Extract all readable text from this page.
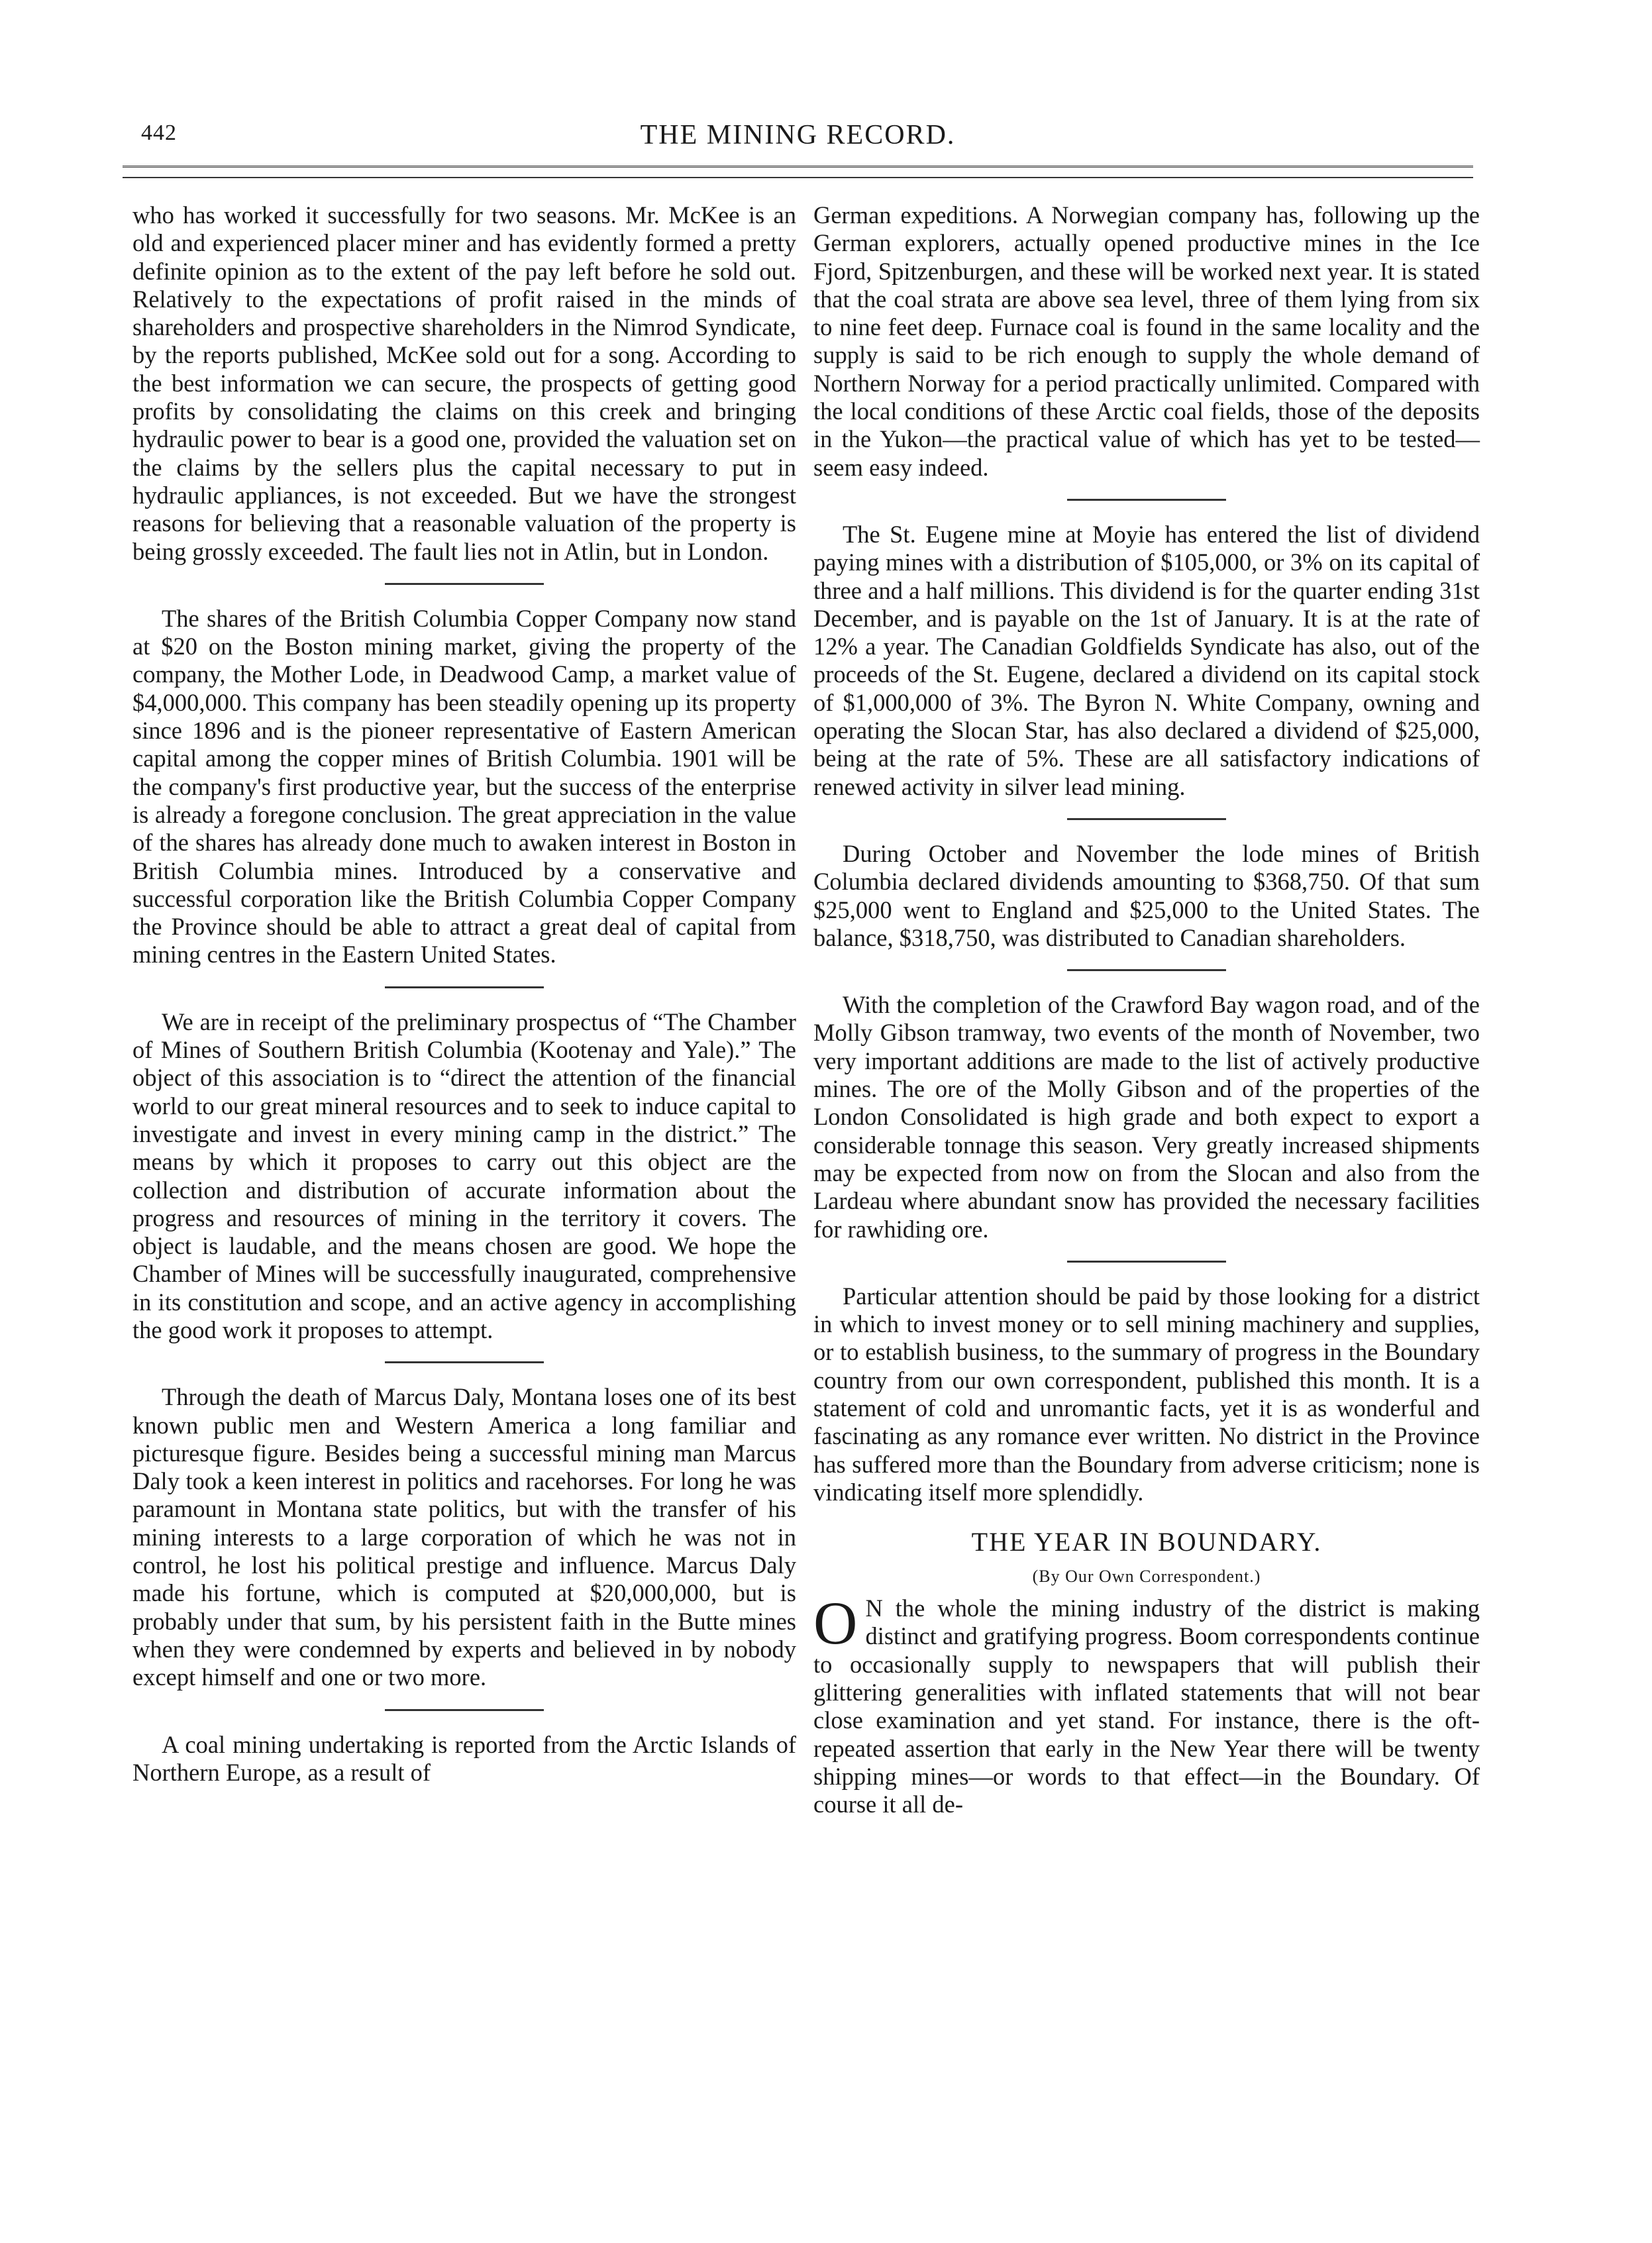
442	THE MINING RECORD.

who has worked it successfully for two seasons. Mr. McKee is an old and experienced placer miner and has evidently formed a pretty definite opinion as to the extent of the pay left before he sold out. Relatively to the expectations of profit raised in the minds of shareholders and prospective shareholders in the Nimrod Syndicate, by the reports published, McKee sold out for a song. According to the best information we can secure, the prospects of getting good profits by consolidating the claims on this creek and bringing hydraulic power to bear is a good one, provided the valuation set on the claims by the sellers plus the capital necessary to put in hydraulic appliances, is not exceeded. But we have the strongest reasons for believing that a reasonable valuation of the property is being grossly exceeded. The fault lies not in Atlin, but in London.

The shares of the British Columbia Copper Company now stand at $20 on the Boston mining market, giving the property of the company, the Mother Lode, in Deadwood Camp, a market value of $4,000,000. This company has been steadily opening up its property since 1896 and is the pioneer representative of Eastern American capital among the copper mines of British Columbia. 1901 will be the company's first productive year, but the success of the enterprise is already a foregone conclusion. The great appreciation in the value of the shares has already done much to awaken interest in Boston in British Columbia mines. Introduced by a conservative and successful corporation like the British Columbia Copper Company the Province should be able to attract a great deal of capital from mining centres in the Eastern United States.

We are in receipt of the preliminary prospectus of “The Chamber of Mines of Southern British Columbia (Kootenay and Yale).” The object of this association is to “direct the attention of the financial world to our great mineral resources and to seek to induce capital to investigate and invest in every mining camp in the district.” The means by which it proposes to carry out this object are the collection and distribution of accurate information about the progress and resources of mining in the territory it covers. The object is laudable, and the means chosen are good. We hope the Chamber of Mines will be successfully inaugurated, comprehensive in its constitution and scope, and an active agency in accomplishing the good work it proposes to attempt.

Through the death of Marcus Daly, Montana loses one of its best known public men and Western America a long familiar and picturesque figure. Besides being a successful mining man Marcus Daly took a keen interest in politics and racehorses. For long he was paramount in Montana state politics, but with the transfer of his mining interests to a large corporation of which he was not in control, he lost his political prestige and influence. Marcus Daly made his fortune, which is computed at $20,000,000, but is probably under that sum, by his persistent faith in the Butte mines when they were condemned by experts and believed in by nobody except himself and one or two more.

A coal mining undertaking is reported from the Arctic Islands of Northern Europe, as a result of

German expeditions. A Norwegian company has, following up the German explorers, actually opened productive mines in the Ice Fjord, Spitzenburgen, and these will be worked next year. It is stated that the coal strata are above sea level, three of them lying from six to nine feet deep. Furnace coal is found in the same locality and the supply is said to be rich enough to supply the whole demand of Northern Norway for a period practically unlimited. Compared with the local conditions of these Arctic coal fields, those of the deposits in the Yukon—the practical value of which has yet to be tested—seem easy indeed.

The St. Eugene mine at Moyie has entered the list of dividend paying mines with a distribution of $105,000, or 3% on its capital of three and a half millions. This dividend is for the quarter ending 31st December, and is payable on the 1st of January. It is at the rate of 12% a year. The Canadian Goldfields Syndicate has also, out of the proceeds of the St. Eugene, declared a dividend on its capital stock of $1,000,000 of 3%. The Byron N. White Company, owning and operating the Slocan Star, has also declared a dividend of $25,000, being at the rate of 5%. These are all satisfactory indications of renewed activity in silver lead mining.

During October and November the lode mines of British Columbia declared dividends amounting to $368,750. Of that sum $25,000 went to England and $25,000 to the United States. The balance, $318,750, was distributed to Canadian shareholders.

With the completion of the Crawford Bay wagon road, and of the Molly Gibson tramway, two events of the month of November, two very important additions are made to the list of actively productive mines. The ore of the Molly Gibson and of the properties of the London Consolidated is high grade and both expect to export a considerable tonnage this season. Very greatly increased shipments may be expected from now on from the Slocan and also from the Lardeau where abundant snow has provided the necessary facilities for rawhiding ore.

Particular attention should be paid by those looking for a district in which to invest money or to sell mining machinery and supplies, or to establish business, to the summary of progress in the Boundary country from our own correspondent, published this month. It is a statement of cold and unromantic facts, yet it is as wonderful and fascinating as any romance ever written. No district in the Province has suffered more than the Boundary from adverse criticism; none is vindicating itself more splendidly.

THE YEAR IN BOUNDARY.
(By Our Own Correspondent.)

O N the whole the mining industry of the district is making distinct and gratifying progress. Boom correspondents continue to occasionally supply to newspapers that will publish their glittering generalities with inflated statements that will not bear close examination and yet stand. For instance, there is the oft-repeated assertion that early in the New Year there will be twenty shipping mines—or words to that effect—in the Boundary. Of course it all de-
